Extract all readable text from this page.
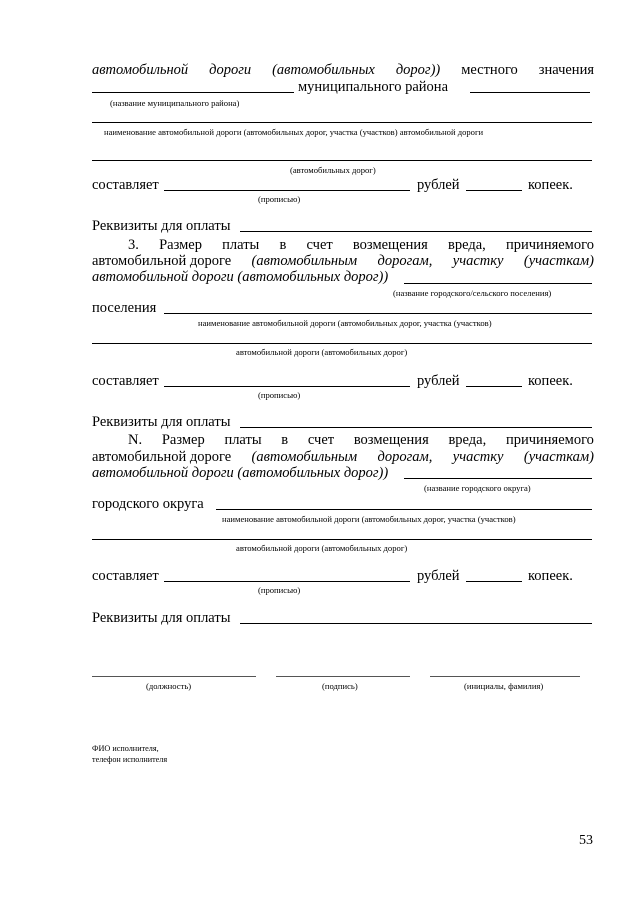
автомобильной дороги (автомобильных дорог)) местного значения
муниципального района
(название муниципального района)
наименование автомобильной дороги (автомобильных дорог, участка (участков) автомобильной дороги
(автомобильных дорог)
составляет	рублей	копеек.
(прописью)
Реквизиты для оплаты
3. Размер платы в счет возмещения вреда, причиняемого
автомобильной дороге (автомобильным дорогам, участку (участкам)
автомобильной дороги (автомобильных дорог))
(название городского/сельского поселения)
поселения
наименование автомобильной дороги (автомобильных дорог, участка (участков)
автомобильной дороги (автомобильных дорог)
составляет	рублей	копеек.
(прописью)
Реквизиты для оплаты
N. Размер платы в счет возмещения вреда, причиняемого
автомобильной дороге (автомобильным дорогам, участку (участкам)
автомобильной дороги (автомобильных дорог))
(название городского округа)
городского округа
наименование автомобильной дороги (автомобильных дорог, участка (участков)
автомобильной дороги (автомобильных дорог)
составляет	рублей	копеек.
(прописью)
Реквизиты для оплаты
(должность)	(подпись)	(инициалы, фамилия)
ФИО исполнителя,
телефон исполнителя
53
